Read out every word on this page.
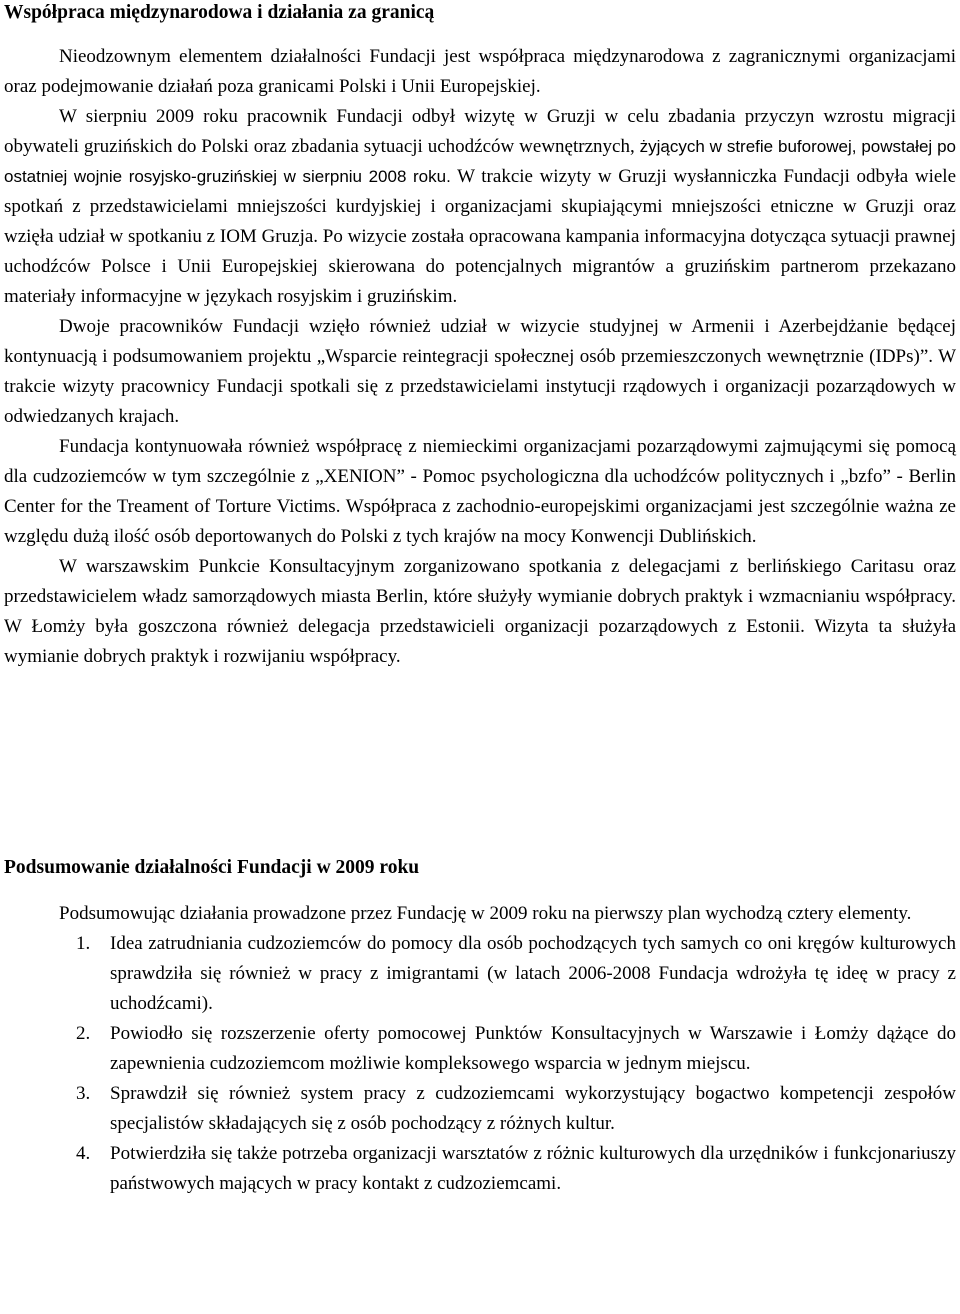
Współpraca międzynarodowa i działania za granicą

Nieodzownym elementem działalności Fundacji jest współpraca międzynarodowa z zagranicznymi organizacjami oraz podejmowanie działań poza granicami Polski i Unii Europejskiej.

W sierpniu 2009 roku pracownik Fundacji odbył wizytę w Gruzji w celu zbadania przyczyn wzrostu migracji obywateli gruzińskich do Polski oraz zbadania sytuacji uchodźców wewnętrznych, żyjących w strefie buforowej, powstałej po ostatniej wojnie rosyjsko-gruzińskiej w sierpniu 2008 roku. W trakcie wizyty w Gruzji wysłanniczka Fundacji odbyła wiele spotkań z przedstawicielami mniejszości kurdyjskiej i organizacjami skupiającymi mniejszości etniczne w Gruzji oraz wzięła udział w spotkaniu z IOM Gruzja. Po wizycie została opracowana kampania informacyjna dotycząca sytuacji prawnej uchodźców Polsce i Unii Europejskiej skierowana do potencjalnych migrantów a gruzińskim partnerom przekazano materiały informacyjne w językach rosyjskim i gruzińskim.

Dwoje pracowników Fundacji wzięło również udział w wizycie studyjnej w Armenii i Azerbejdżanie będącej kontynuacją i podsumowaniem projektu „Wsparcie reintegracji społecznej osób przemieszczonych wewnętrznie (IDPs)”. W trakcie wizyty pracownicy Fundacji spotkali się z przedstawicielami instytucji rządowych i organizacji pozarządowych w odwiedzanych krajach.

Fundacja kontynuowała również współpracę z niemieckimi organizacjami pozarządowymi zajmującymi się pomocą dla cudzoziemców w tym szczególnie z „XENION” - Pomoc psychologiczna dla uchodźców politycznych i „bzfo” - Berlin Center for the Treament of Torture Victims. Współpraca z zachodnio-europejskimi organizacjami jest szczególnie ważna ze względu dużą ilość osób deportowanych do Polski z tych krajów na mocy Konwencji Dublińskich.

W warszawskim Punkcie Konsultacyjnym zorganizowano spotkania z delegacjami z berlińskiego Caritasu oraz przedstawicielem władz samorządowych miasta Berlin, które służyły wymianie dobrych praktyk i wzmacnianiu współpracy. W Łomży była goszczona również delegacja przedstawicieli organizacji pozarządowych z Estonii. Wizyta ta służyła wymianie dobrych praktyk i rozwijaniu współpracy.

Podsumowanie działalności Fundacji w 2009 roku

Podsumowując działania prowadzone przez Fundację w 2009 roku na pierwszy plan wychodzą cztery elementy.

1. Idea zatrudniania cudzoziemców do pomocy dla osób pochodzących tych samych co oni kręgów kulturowych sprawdziła się również w pracy z imigrantami (w latach 2006-2008 Fundacja wdrożyła tę ideę w pracy z uchodźcami).
2. Powiodło się rozszerzenie oferty pomocowej Punktów Konsultacyjnych w Warszawie i Łomży dążące do zapewnienia cudzoziemcom możliwie kompleksowego wsparcia w jednym miejscu.
3. Sprawdził się również system pracy z cudzoziemcami wykorzystujący bogactwo kompetencji zespołów specjalistów składających się z osób pochodzący z różnych kultur.
4. Potwierdziła się także potrzeba organizacji warsztatów z różnic kulturowych dla urzędników i funkcjonariuszy państwowych mających w pracy kontakt z cudzoziemcami.
